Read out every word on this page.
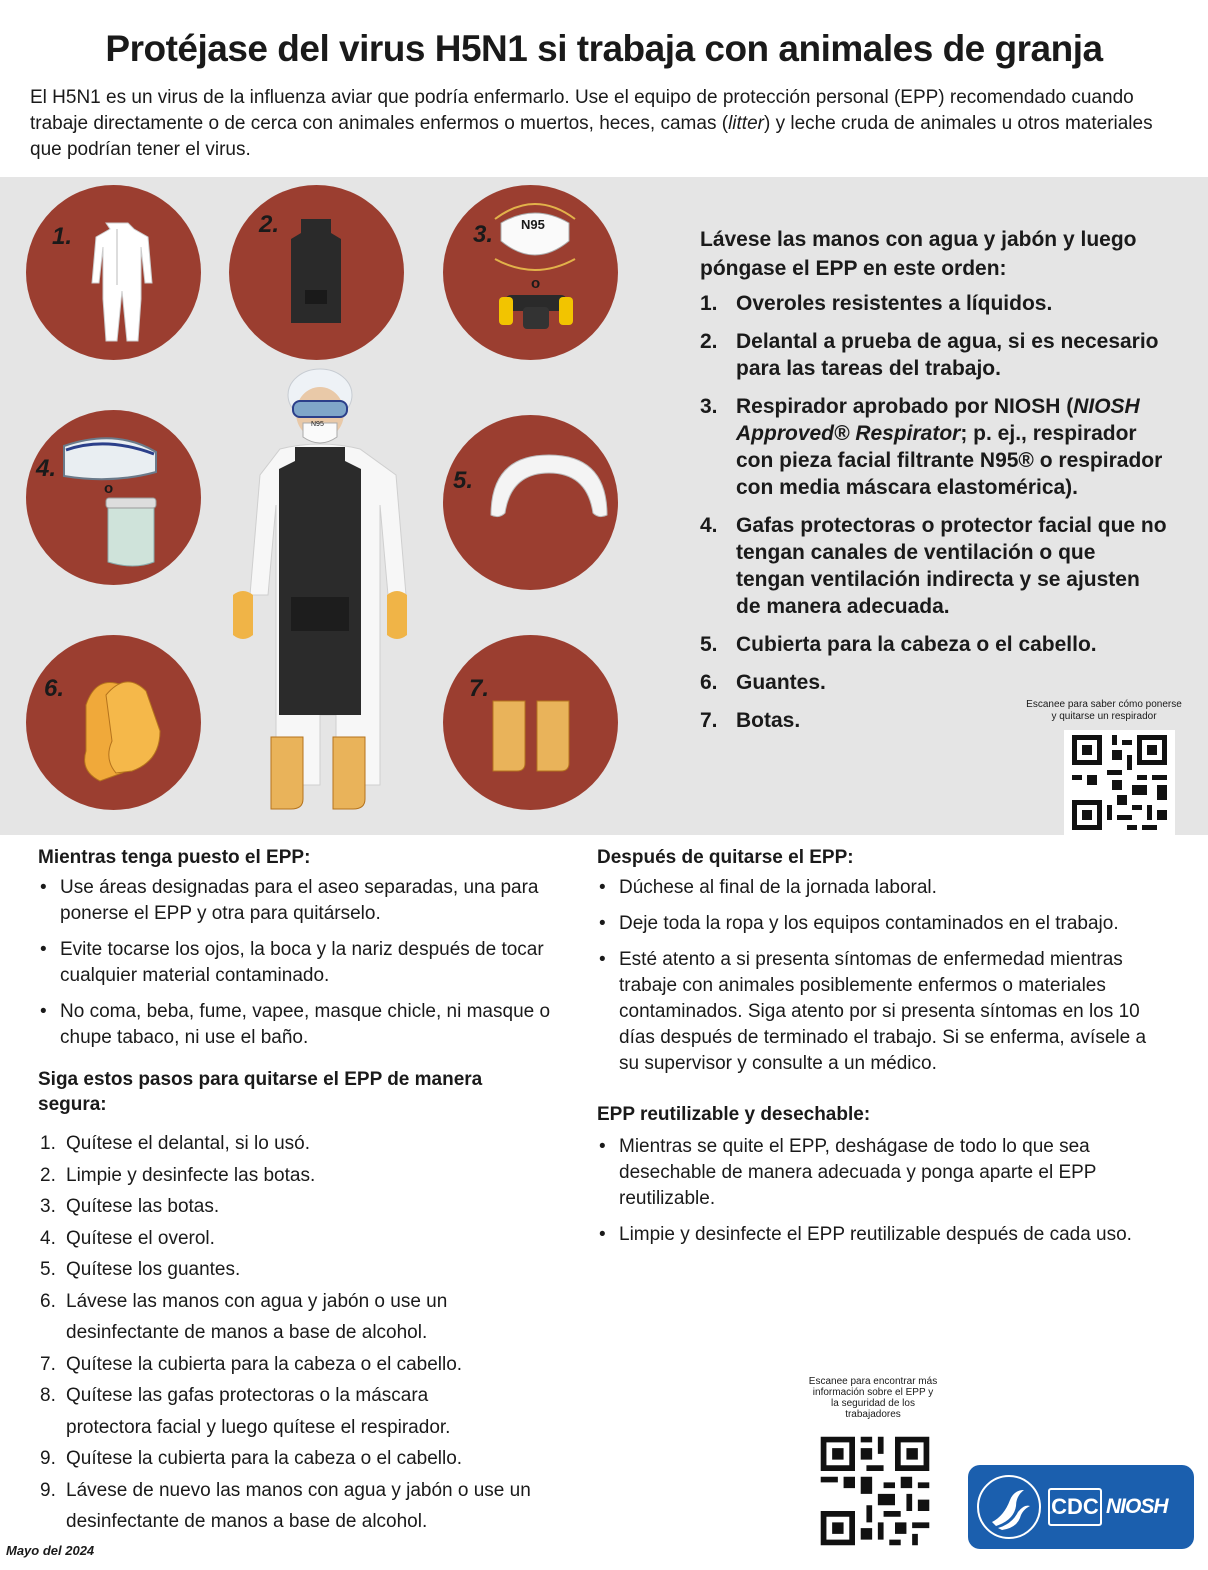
Protéjase del virus H5N1 si trabaja con animales de granja

El H5N1 es un virus de la influenza aviar que podría enfermarlo. Use el equipo de protección personal (EPP) recomendado cuando trabaje directamente o de cerca con animales enfermos o muertos, heces, camas (litter) y leche cruda de animales u otros materiales que podrían tener el virus.

1.	2.	N95
o
3.
o
4.	5.
6.	7.
N95
Lávese las manos con agua y jabón y luego póngase el EPP en este orden:
1. Overoles resistentes a líquidos.
2. Delantal a prueba de agua, si es necesario para las tareas del trabajo.
3. Respirador aprobado por NIOSH (NIOSH Approved® Respirator; p. ej., respirador con pieza facial filtrante N95® o respirador con media máscara elastomérica).
4. Gafas protectoras o protector facial que no tengan canales de ventilación o que tengan ventilación indirecta y se ajusten de manera adecuada.
5. Cubierta para la cabeza o el cabello.
6. Guantes.
7. Botas.
Escanee para saber cómo ponerse y quitarse un respirador
Mientras tenga puesto el EPP:
• Use áreas designadas para el aseo separadas, una para ponerse el EPP y otra para quitárselo.
• Evite tocarse los ojos, la boca y la nariz después de tocar cualquier material contaminado.
• No coma, beba, fume, vapee, masque chicle, ni masque o chupe tabaco, ni use el baño.
Siga estos pasos para quitarse el EPP de manera segura:
1. Quítese el delantal, si lo usó.
2. Limpie y desinfecte las botas.
3. Quítese las botas.
4. Quítese el overol.
5. Quítese los guantes.
6. Lávese las manos con agua y jabón o use un desinfectante de manos a base de alcohol.
7. Quítese la cubierta para la cabeza o el cabello.
8. Quítese las gafas protectoras o la máscara protectora facial y luego quítese el respirador.
9. Quítese la cubierta para la cabeza o el cabello.
9. Lávese de nuevo las manos con agua y jabón o use un desinfectante de manos a base de alcohol.
Después de quitarse el EPP:
• Dúchese al final de la jornada laboral.
• Deje toda la ropa y los equipos contaminados en el trabajo.
• Esté atento a si presenta síntomas de enfermedad mientras trabaje con animales posiblemente enfermos o materiales contaminados. Siga atento por si presenta síntomas en los 10 días después de terminado el trabajo. Si se enferma, avísele a su supervisor y consulte a un médico.
EPP reutilizable y desechable:
• Mientras se quite el EPP, deshágase de todo lo que sea desechable de manera adecuada y ponga aparte el EPP reutilizable.
• Limpie y desinfecte el EPP reutilizable después de cada uso.
Escanee para encontrar más información sobre el EPP y la seguridad de los trabajadores
CDC NIOSH
Mayo del 2024
